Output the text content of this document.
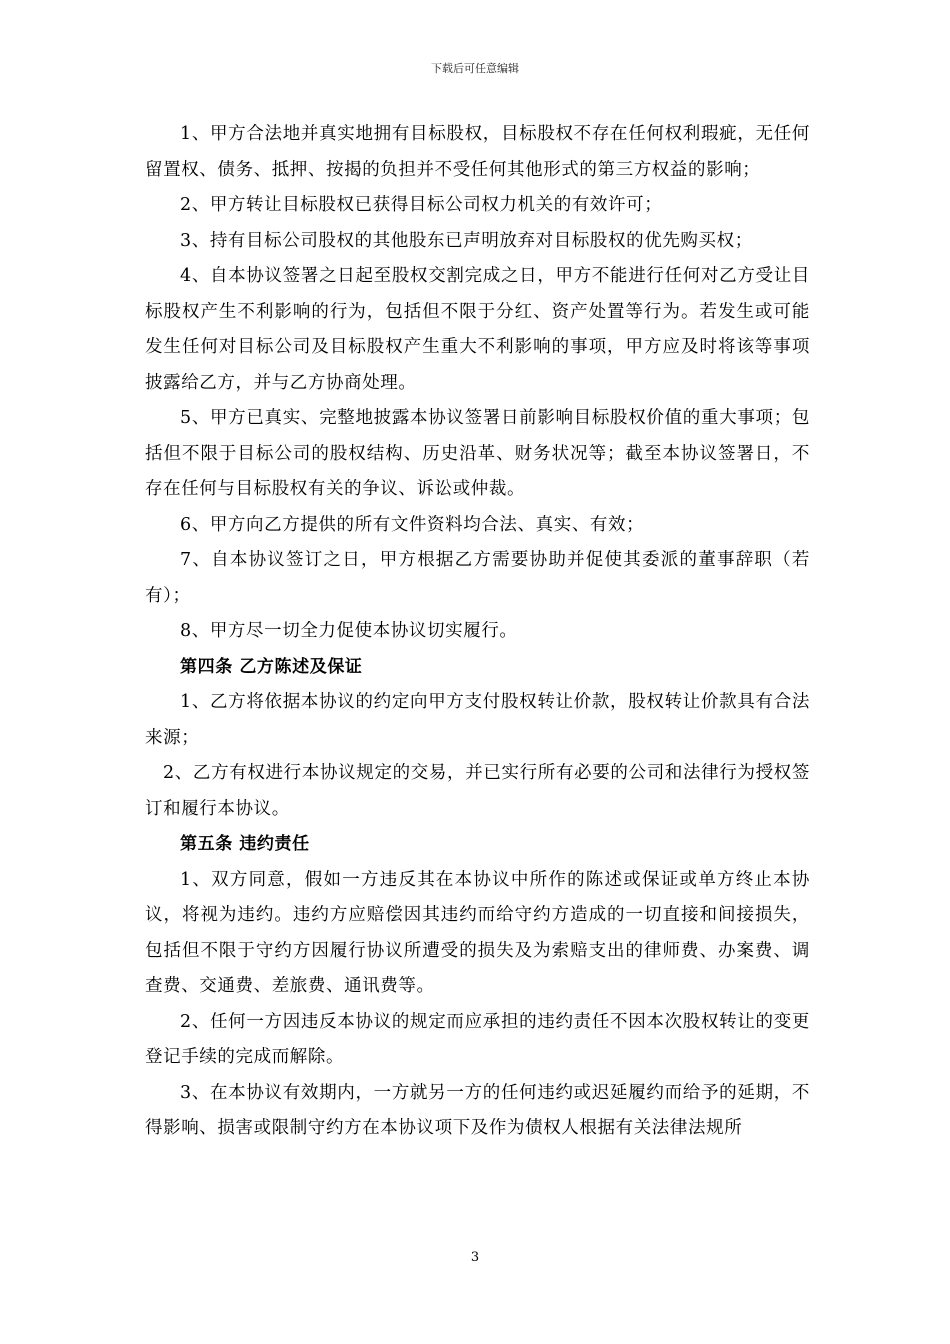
下载后可任意编辑

1、甲方合法地并真实地拥有目标股权，目标股权不存在任何权利瑕疵，无任何留置权、债务、抵押、按揭的负担并不受任何其他形式的第三方权益的影响；

2、甲方转让目标股权已获得目标公司权力机关的有效许可；

3、持有目标公司股权的其他股东已声明放弃对目标股权的优先购买权；

4、自本协议签署之日起至股权交割完成之日，甲方不能进行任何对乙方受让目标股权产生不利影响的行为，包括但不限于分红、资产处置等行为。若发生或可能发生任何对目标公司及目标股权产生重大不利影响的事项，甲方应及时将该等事项披露给乙方，并与乙方协商处理。

5、甲方已真实、完整地披露本协议签署日前影响目标股权价值的重大事项；包括但不限于目标公司的股权结构、历史沿革、财务状况等；截至本协议签署日，不存在任何与目标股权有关的争议、诉讼或仲裁。

6、甲方向乙方提供的所有文件资料均合法、真实、有效；

7、自本协议签订之日，甲方根据乙方需要协助并促使其委派的董事辞职（若有）；

8、甲方尽一切全力促使本协议切实履行。

第四条 乙方陈述及保证

1、乙方将依据本协议的约定向甲方支付股权转让价款，股权转让价款具有合法来源；

2、乙方有权进行本协议规定的交易，并已实行所有必要的公司和法律行为授权签订和履行本协议。

第五条 违约责任

1、双方同意，假如一方违反其在本协议中所作的陈述或保证或单方终止本协议，将视为违约。违约方应赔偿因其违约而给守约方造成的一切直接和间接损失，包括但不限于守约方因履行协议所遭受的损失及为索赔支出的律师费、办案费、调查费、交通费、差旅费、通讯费等。

2、任何一方因违反本协议的规定而应承担的违约责任不因本次股权转让的变更登记手续的完成而解除。

3、在本协议有效期内，一方就另一方的任何违约或迟延履约而给予的延期，不得影响、损害或限制守约方在本协议项下及作为债权人根据有关法律法规所

3
